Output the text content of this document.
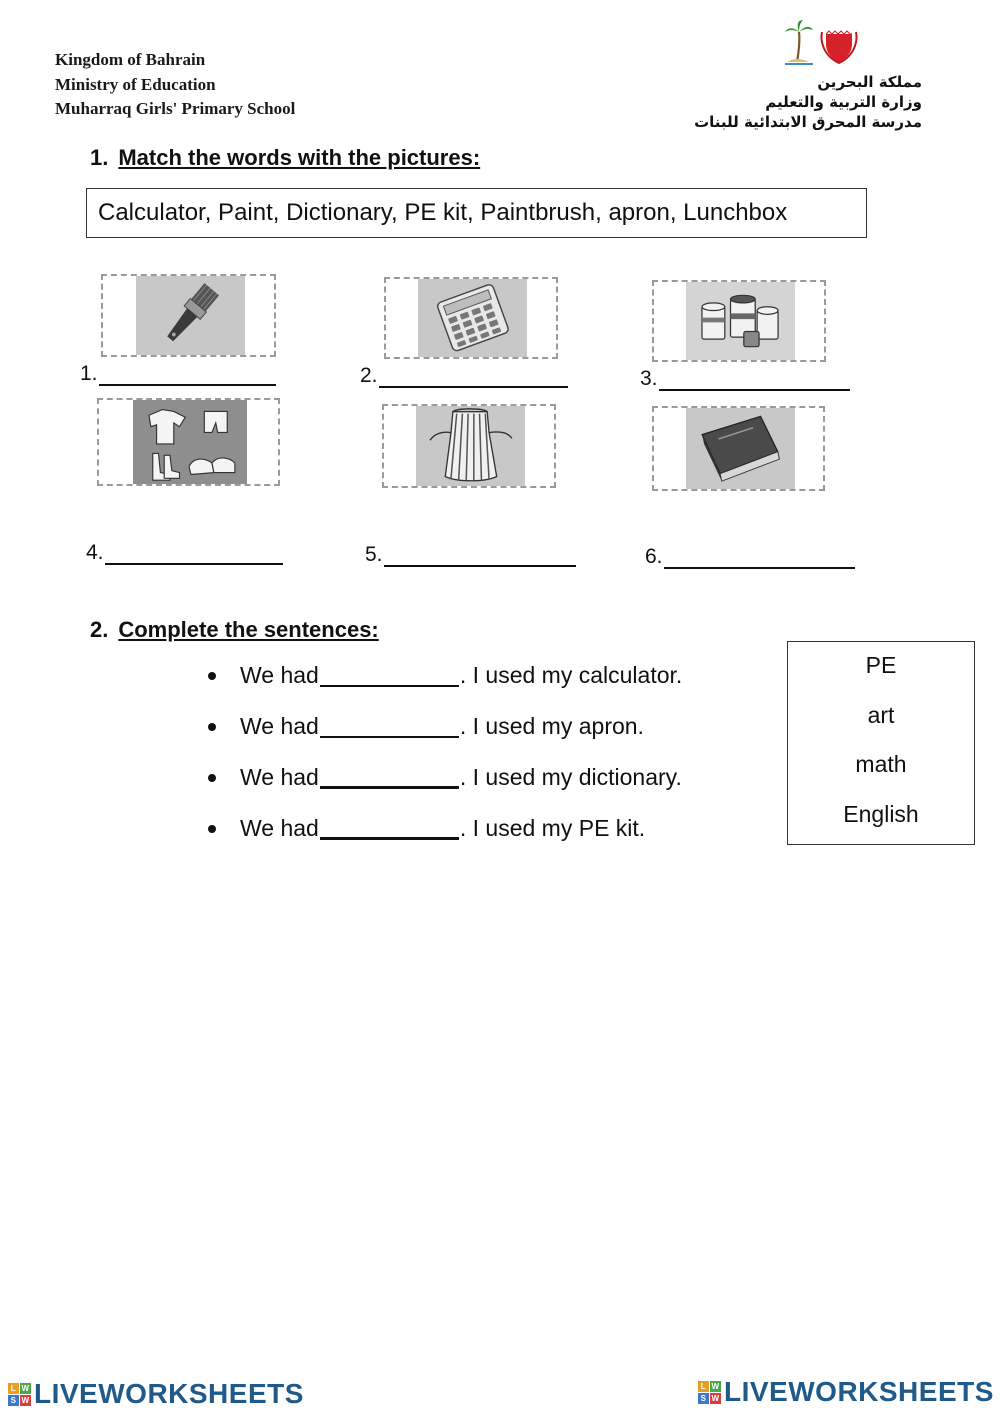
Kingdom of Bahrain
Ministry of Education
Muharraq Girls' Primary School
مملكة البحرين
وزارة التربية والتعليم
مدرسة المحرق الابتدائية للبنات
1. Match the words with the pictures:
Calculator, Paint, Dictionary, PE kit, Paintbrush, apron, Lunchbox
1.	2.	3.
4.	5.	6.
2. Complete the sentences:
We had	. I used my calculator.
We had	. I used my apron.
We had	. I used my dictionary.
We had	. I used my PE kit.
PE
art
math
English
L W
S W LIVEWORKSHEETS	L W
S W LIVEWORKSHEETS
